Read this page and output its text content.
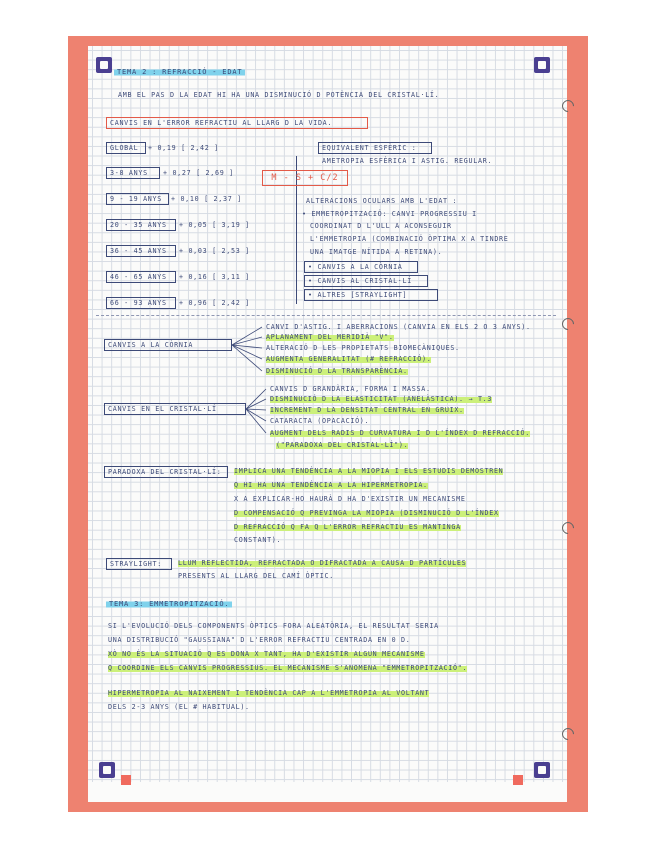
TEMA 2 : REFRACCIÓ - EDAT

AMB EL PAS D LA EDAT HI HA UNA DISMINUCIÓ D POTÈNCIA DEL CRISTAL·LÍ.

CANVIS EN L'ERROR REFRACTIU AL LLARG D LA VIDA.
GLOBAL	+ 0,19 [ 2,42 ]

3-8 ANYS	+ 0,27 [ 2,69 ]

9 - 19 ANYS	+ 0,10 [ 2,37 ]

20 - 35 ANYS	+ 0,05 [ 3,19 ]

36 - 45 ANYS	+ 0,03 [ 2,53 ]

46 - 65 ANYS	+ 0,16 [ 3,11 ]

66 - 93 ANYS	+ 0,96 [ 2,42 ]

EQUIVALENT ESFÈRIC :

AMETROPIA ESFÈRICA I ASTIG. REGULAR.

M - S + C/2

ALTERACIONS OCULARS AMB L'EDAT :

• EMMETROPITZACIÓ: CANVI PROGRESSIU I

COORDINAT D L'ULL A ACONSEGUIR

L'EMMETROPIA (COMBINACIÓ ÒPTIMA X A TINDRE

UNA IMATGE NÍTIDA A RETINA).

• CANVIS A LA CÒRNIA
• CANVIS AL CRISTAL·LÍ
• ALTRES [STRAYLIGHT]
CANVIS A LA CÒRNIA

CANVI D'ASTIG. I ABERRACIONS (CANVIA EN ELS 2 O 3 ANYS).

APLANAMENT DEL MERIDIÀ "V".

ALTERACIÓ D LES PROPIETATS BIOMECÀNIQUES.

AUGMENTA GENERALITAT (# REFRACCIÓ).

DISMINUCIÓ D LA TRANSPARÈNCIA.

CANVIS EN EL CRISTAL·LÍ

CANVIS D GRANDÀRIA, FORMA I MASSA.

DISMINUCIÓ D LA ELASTICITAT (ANELÀSTICA). → T.3

INCREMENT D LA DENSITAT CENTRAL EN GRUIX.

CATARACTA (OPACACIÓ).

AUGMENT DELS RADIS D CURVATURA I D L'ÍNDEX D REFRACCIÓ.

("PARADOXA DEL CRISTAL·LÍ").

PARADOXA DEL CRISTAL·LÍ:	IMPLICA UNA TENDÈNCIA A LA MIOPIA I ELS ESTUDIS DEMOSTREN

Q HI HA UNA TENDÈNCIA A LA HIPERMETROPIA.

X A EXPLICAR-HO HAURÀ D HA D'EXISTIR UN MECANISME

D COMPENSACIÓ Q PREVINGA LA MIOPIA (DISMINUCIÓ D L'ÍNDEX

D REFRACCIÓ Q FA Q L'ERROR REFRACTIU ES MANTINGA

CONSTANT).

STRAYLIGHT:	LLUM REFLECTIDA, REFRACTADA O DIFRACTADA A CAUSA D PARTÍCULES

PRESENTS AL LLARG DEL CAMÍ ÒPTIC.

TEMA 3: EMMETROPITZACIÓ.

SI L'EVOLUCIÓ DELS COMPONENTS ÒPTICS FORA ALEATÒRIA, EL RESULTAT SERIA

UNA DISTRIBUCIÓ "GAUSSIANA" D L'ERROR REFRACTIU CENTRADA EN 0 D.

XÒ NO ÉS LA SITUACIÓ Q ES DONA X TANT, HA D'EXISTIR ALGUN MECANISME

Q COORDINE ELS CANVIS PROGRESSIUS. EL MECANISME S'ANOMENA "EMMETROPITZACIÓ".

HIPERMETROPIA AL NAIXEMENT I TENDÈNCIA CAP A L'EMMETROPIA AL VOLTANT

DELS 2-3 ANYS (EL # HABITUAL).
